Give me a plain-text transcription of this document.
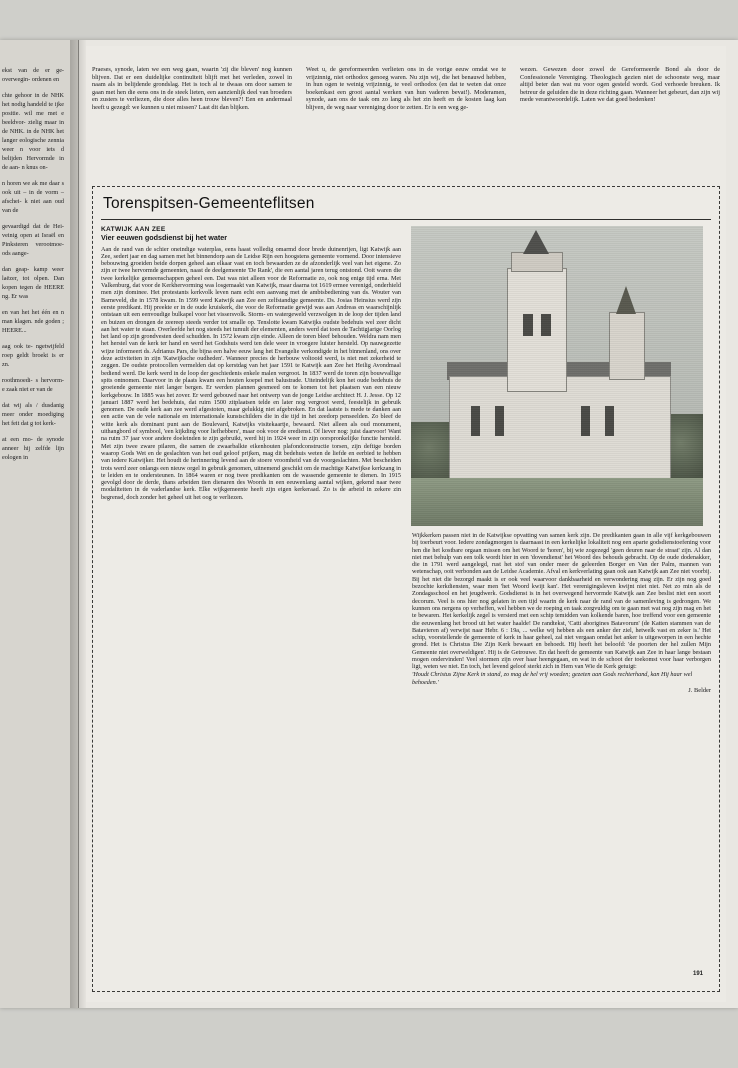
ekst van de er ge- overwegin- ordenen en

chte gehoor in de NHK het nodig handeld te ijke positie. wil me met e beeldvor- zielig maar in de NHK. in de NHK het langer eologische zennia weer n voor iets d belijden Hervormde in de aan- n knus on-

n horen we ak me daar s ook uit – in de vorm – afschei- k niet aan oud van de

gevaardigd dat de Hei- veinig open at Israël en Pinksteren verootmoe- ods aange-

dan geap- kamp weer laëzer, tot olpen. Dan kopen tegen de HEERE ng. Er was

en van het het één en n man klagen. nde goden ; HEERE...

aag ook te- ngetwijfeld roep geldt broekt is er zn.

roothmoedi- s hervorm- e zaak niet er van de

dat wij als / dusdanig meer onder moediging het feit dat g tot kerk-

at een mo- de synode anneer hij zelfde lijn eologen in

Praeses, synode, laten we een weg gaan, waarin 'zij die bleven' nog kunnen blijven. Dat er een duidelijke continuïteit blijft met het verleden, zowel in naam als in belijdende grondslag. Het is toch al te dwaas om door samen te gaan met hen die eens ons in de steek lieten, een aanzienlijk deel van broeders en zusters te verliezen, die door alles heen trouw bleven?! Een en andermaal heeft u gezegd: we kunnen u niet missen? Laat dit dan blijken.
Weet u, de gereformeerden verlieten ons in de vorige eeuw omdat we te vrijzinnig, niet orthodox genoeg waren. Nu zijn wij, die het benauwd hebben, in hun ogen te weinig vrijzinnig, te veel orthodox (en dat te weten dat onze boekenkast een groot aantal werken van hun vaderen bevat!). Moderamen, synode, aan ons de taak om zo lang als het zin heeft en de kosten laag kan blijven, de weg naar vereniging door te zetten. Er is een weg ge-
wezen. Gewezen door zowel de Gereformeerde Bond als door de Confessionele Vereniging. Theologisch gezien niet de schoonste weg, maar altijd beter dan wat nu voor ogen gesteld wordt. God verhoede breuken. Ik betreur de geluiden die in deze richting gaan. Wanneer het gebeurt, dan zijn wij mede verantwoordelijk. Laten we dat goed bedenken!
Torenspitsen-Gemeenteflitsen
KATWIJK AAN ZEE
Vier eeuwen godsdienst bij het water

Aan de rand van de schier oneindige waterplas, eens haast volledig omarmd door brede duinenrijen, ligt Katwijk aan Zee, sedert jaar en dag samen met het binnendorp aan de Leidse Rijn een hoogstens gemeente vormend. Door intensieve bebouwing groeiden beide dorpen geheel aan elkaar vast en toch bewaarden ze de afzonderlijk veel van het eigene. Zo zijn er twee hervormde gemeenten, naast de deelgemeente 'De Rank', die een aantal jaren terug ontstond. Ooit waren die twee kerkelijke gemeenschappen geheel een. Dat was niet alleen voor de Reformatie zo, ook nog enige tijd erna. Met Valkenburg, dat voor de Kerkhervorming was losgemaakt van Katwijk, maar daarna tot 1619 ermee verenigd, onderhield men zijn dominee. Het protestants kerkvolk leven nam echt een aanvang met de ambtsbediening van ds. Wouter van Barneveld, die in 1578 kwam. In 1599 werd Katwijk aan Zee een zelfstandige gemeente. Ds. Josias Heinsius werd zijn eerste predikant. Hij preekte er in de oude kruiskerk, die voor de Reformatie gewijd was aan Andreas en waarschijnlijk ontstaan uit een eenvoudige bulkapel voor het vissersvolk. Storm- en watergeweld verzwolgen in de loop der tijden land en buizen en drongen de zeereep steeds verder tot smalle op. Tenslotte kwam Katwijks oudste bedehuis wel zeer dicht aan het water te staan. Overleefde het nog steeds het tumult der elementen, anders werd dat toen de Tachtigjarige Oorlog het land op zijn grondvesten deed schudden. In 1572 kwam zijn einde. Alleen de toren bleef behouden. Weldra nam men het herstel van de kerk ter hand en werd het Godshuis werd ten dele weer in vroegere luister hersteld. Op nauwgezette wijze informeert ds. Adrianus Pars, die bijna een halve eeuw lang het Evangelie verkondigde in het binnenland, ons over deze activiteiten in zijn 'Katwijksche oudheden'. Wanneer precies de herbouw voltooid werd, is niet met zekerheid te zeggen. De oudste protocollen vermelden dat op kerstdag van het jaar 1591 te Katwijk aan Zee het Heilig Avondmaal bediend werd. De kerk werd in de loop der geschiedenis enkele malen vergroot. In 1837 werd de toren zijn bouwvallige spits ontnomen. Daarvoor in de plaats kwam een houten koepel met balustrade. Uiteindelijk kon het oude bedehuis de groeiende gemeente niet langer bergen. Er werden plannen gesmeed om te komen tot het plaatsen van een nieuw kerkgebouw. In 1885 was het zover. Er werd gebouwd naar het ontwerp van de jonge Leidse architect H. J. Jesse. Op 12 januari 1887 werd het bedehuis, dat ruim 1500 zitplaatsen telde en later nog vergroot werd, feestelijk in gebruik genomen. De oude kerk aan zee werd afgestoten, maar gelukkig niet afgebroken. En dat laatste is mede te danken aan een actie van de vele nationale en internationale kunstschilders die in die tijd in het zeedorp penseelden. Zo bleef de witte kerk als dominant punt aan de Boulevard, Katwijks visitekaartje, bewaard. Niet alleen als oud monument, uithangbord of symbool, 'een kijkding voor liefhebbers', maar ook voor de eredienst. Of liever nog: juist daarvoor! Want na ruim 37 jaar voor andere doeleinden te zijn gebruikt, werd hij in 1924 weer in zijn oorspronkelijke functie hersteld. Met zijn twee zware pilaren, die samen de zwaarbalkte eikenhouten plafondconstructie torsen, zijn deftige borden waarop Gods Wet en de geslachten van het oud geloof prijken, mag dit bedehuis weten de liefde en eerbied te hebben van iedere Katwijker. Het houdt de herinnering levend aan de stoere vroomheid van de voorgeslachten. Met bescheiden trots werd zeer onlangs een nieuw orgel in gebruik genomen, uitnemend geschikt om de machtige Katwijkse kerkzang in te leiden en te ondersteunen. In 1864 waren er nog twee predikanten om de wassende gemeente te dienen. In 1915 gevolgd door de derde, thans arbeiden tien dienaren des Woords in een eeuwenlang aantal wijken, gekend naar twee modaliteiten in de vaderlandse kerk. Elke wijkgemeente heeft zijn eigen kerkeraad. Zo is de arbeid in zekere zin begrensd, doch zonder het geheel uit het oog te verliezen.

Wijkkerken passen niet in de Katwijkse opvatting van samen kerk zijn. De predikanten gaan in alle vijf kerkgebouwen bij toerbeurt voor. Iedere zondagmorgen is daarnaast in een kerkelijke lokaliteit nog een aparte godsdienstoefening voor hen die het kostbare orgaan missen om het Woord te 'horen', bij wie zogezegd 'geen deuren naar de straat' zijn. Al dan niet met behulp van een tolk wordt hier in een 'dovendienst' het Woord des behouds gebracht. Op de oude dodenakker, die in 1791 werd aangelegd, rust het stof van onder meer de geleerden Borger en Van der Palm, mannen van wetenschap, ooit verbonden aan de Leidse Academie. Afval en kerkverlating gaan ook aan Katwijk aan Zee niet voorbij. Bij het niet die bezorgd maakt is er ook veel waarvoor dankbaarheid en verwondering mag zijn. Er zijn nog goed bezochte kerkdiensten, waar men 'het Woord kwijt kan'. Het verenigingsleven kwijnt niet niet. Net zo min als de Zondagsschool en het jeugdwerk. Godsdienst is in het overwegend hervormde Katwijk aan Zee beslist niet een soort decorum. Veel is ons hier nog gelaten in een tijd waarin de kerk naar de rand van de samenleving is gedrongen. We kunnen ons nergens op verheffen, wel hebben we de roeping en taak zorgvuldig om te gaan met wat nog zijn mag en het te bewaren. Het kerkelijk zegel is versierd met een schip temidden van kolkende baren, hoe treffend voor een gemeente die eeuwenlang het brood uit het water haalde! De randtekst, 'Catti aborigines Batavorum' (de Katten stammen van de Batavieren af) verwijst naar Hebr. 6 : 19a, ... welke wij hebben als een anker der ziel, hetwelk vast en zeker is.' Het schip, voorstellende de gemeente of kerk in haar geheel, zal niet vergaan omdat het anker is uitgeworpen in een hechte grond. Het is Christus Die Zijn Kerk bewaart en behoedt. Hij heeft het beloofd: 'de poorten der hel zullen Mijn Gemeente niet overweldigen'. Hij is de Getrouwe. En dat heeft de gemeente van Katwijk aan Zee in haar lange bestaan mogen ondervinden! Veel stormen zijn over haar heengegaan, en wat in de schoot der toekomst voor haar verborgen ligt, weten we niet. En toch, het levend geloof sterkt zich in Hem van Wie de Kerk getuigt:

'Houdt Christus Zijne Kerk in stand, zo mag de hel vrij woeden; gezeten aan Gods rechterhand, kan Hij haar wel behoeden.'

J. Belder

191
